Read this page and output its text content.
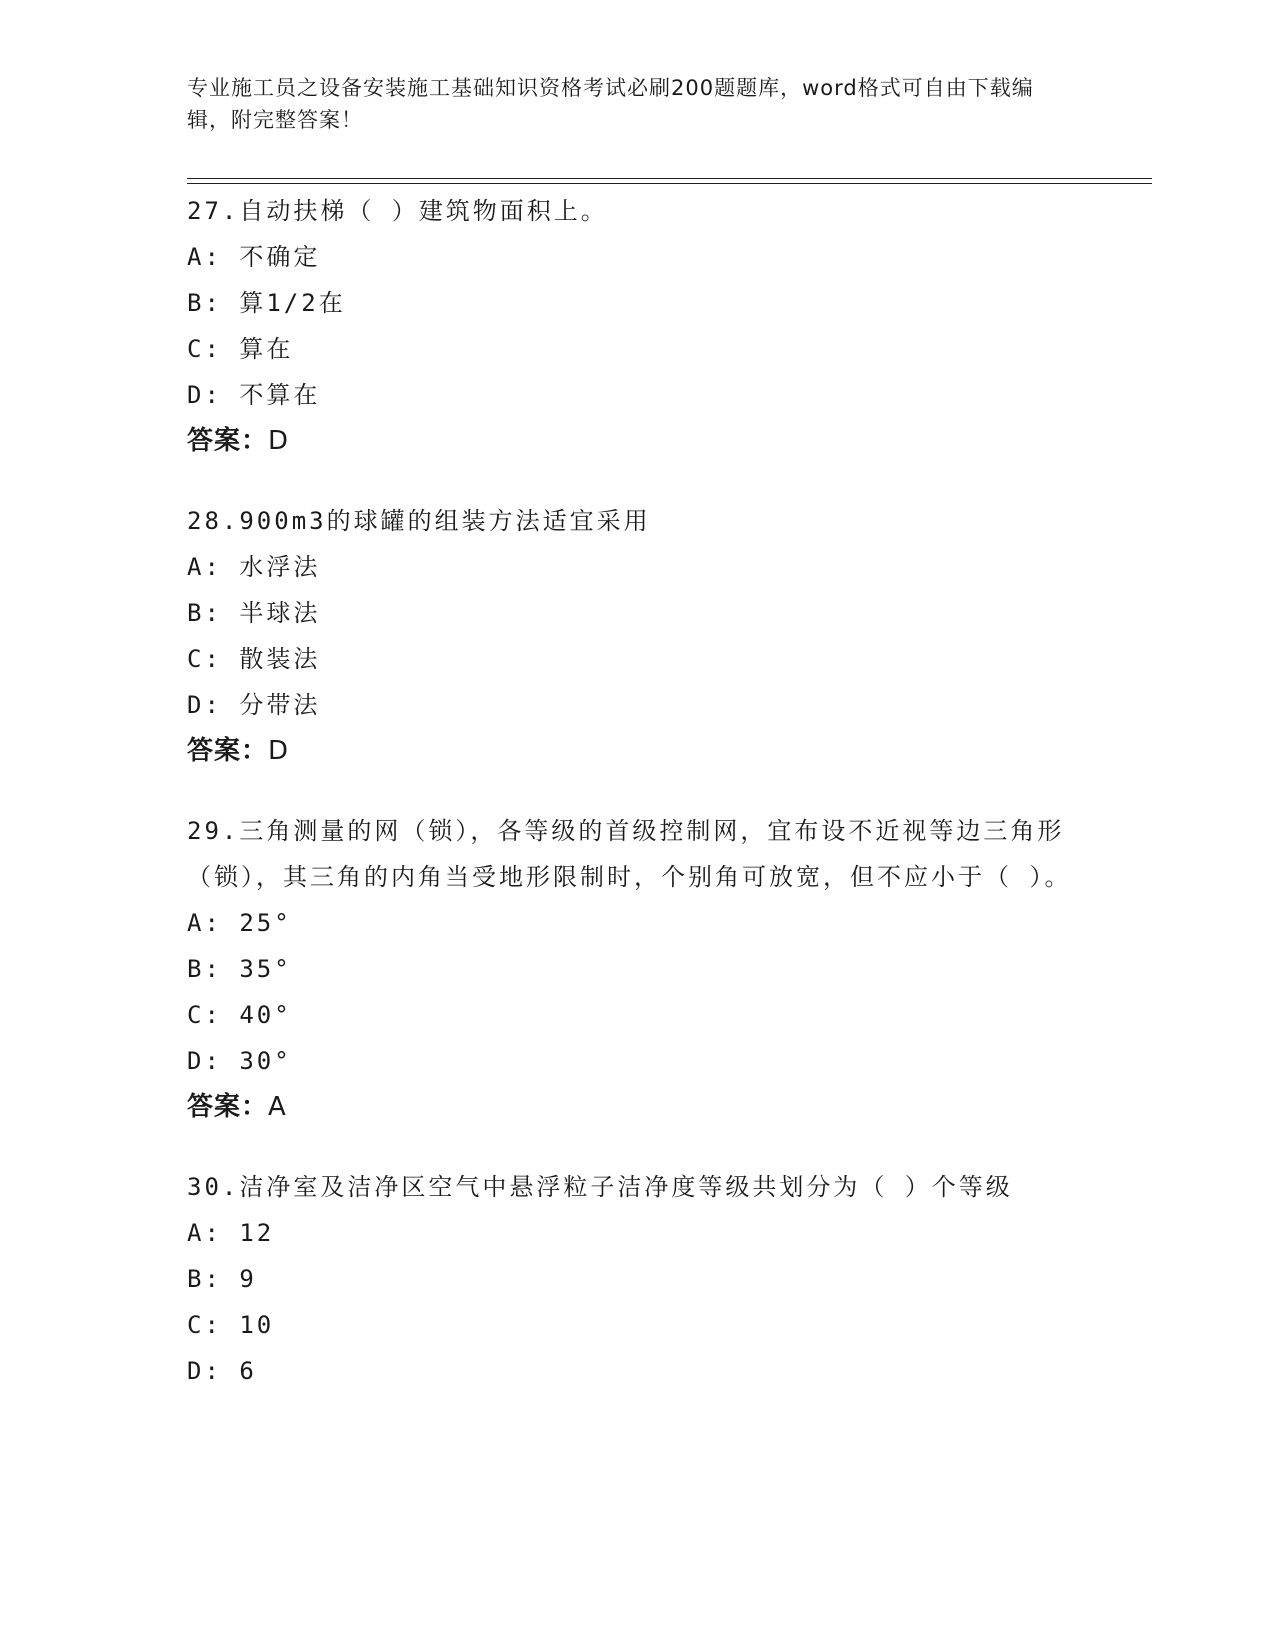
专业施工员之设备安装施工基础知识资格考试必刷200题题库，word格式可自由下载编辑，附完整答案！
27.自动扶梯（ ）建筑物面积上。
A: 不确定
B: 算1/2在
C: 算在
D: 不算在
答案：D
28.900m3的球罐的组装方法适宜采用
A: 水浮法
B: 半球法
C: 散装法
D: 分带法
答案：D
29.三角测量的网（锁），各等级的首级控制网，宜布设不近视等边三角形（锁），其三角的内角当受地形限制时，个别角可放宽，但不应小于（ ）。
A: 25°
B: 35°
C: 40°
D: 30°
答案：A
30.洁净室及洁净区空气中悬浮粒子洁净度等级共划分为（ ）个等级
A: 12
B: 9
C: 10
D: 6
